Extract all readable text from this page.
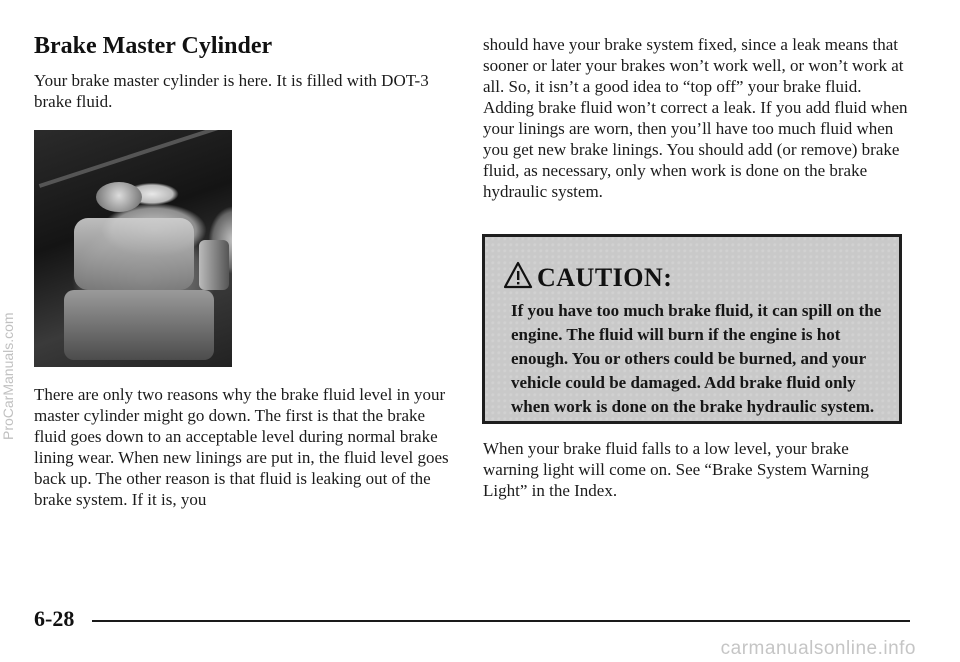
Brake Master Cylinder

Your brake master cylinder is here. It is filled with DOT-3 brake fluid.

There are only two reasons why the brake fluid level in your master cylinder might go down. The first is that the brake fluid goes down to an acceptable level during normal brake lining wear. When new linings are put in, the fluid level goes back up. The other reason is that fluid is leaking out of the brake system. If it is, you

should have your brake system fixed, since a leak means that sooner or later your brakes won’t work well, or won’t work at all. So, it isn’t a good idea to “top off” your brake fluid. Adding brake fluid won’t correct a leak. If you add fluid when your linings are worn, then you’ll have too much fluid when you get new brake linings. You should add (or remove) brake fluid, as necessary, only when work is done on the brake hydraulic system.

CAUTION:
If you have too much brake fluid, it can spill on the engine. The fluid will burn if the engine is hot enough. You or others could be burned, and your vehicle could be damaged. Add brake fluid only when work is done on the brake hydraulic system.

When your brake fluid falls to a low level, your brake warning light will come on. See “Brake System Warning Light” in the Index.

6-28
ProCarManuals.com
carmanualsonline.info
